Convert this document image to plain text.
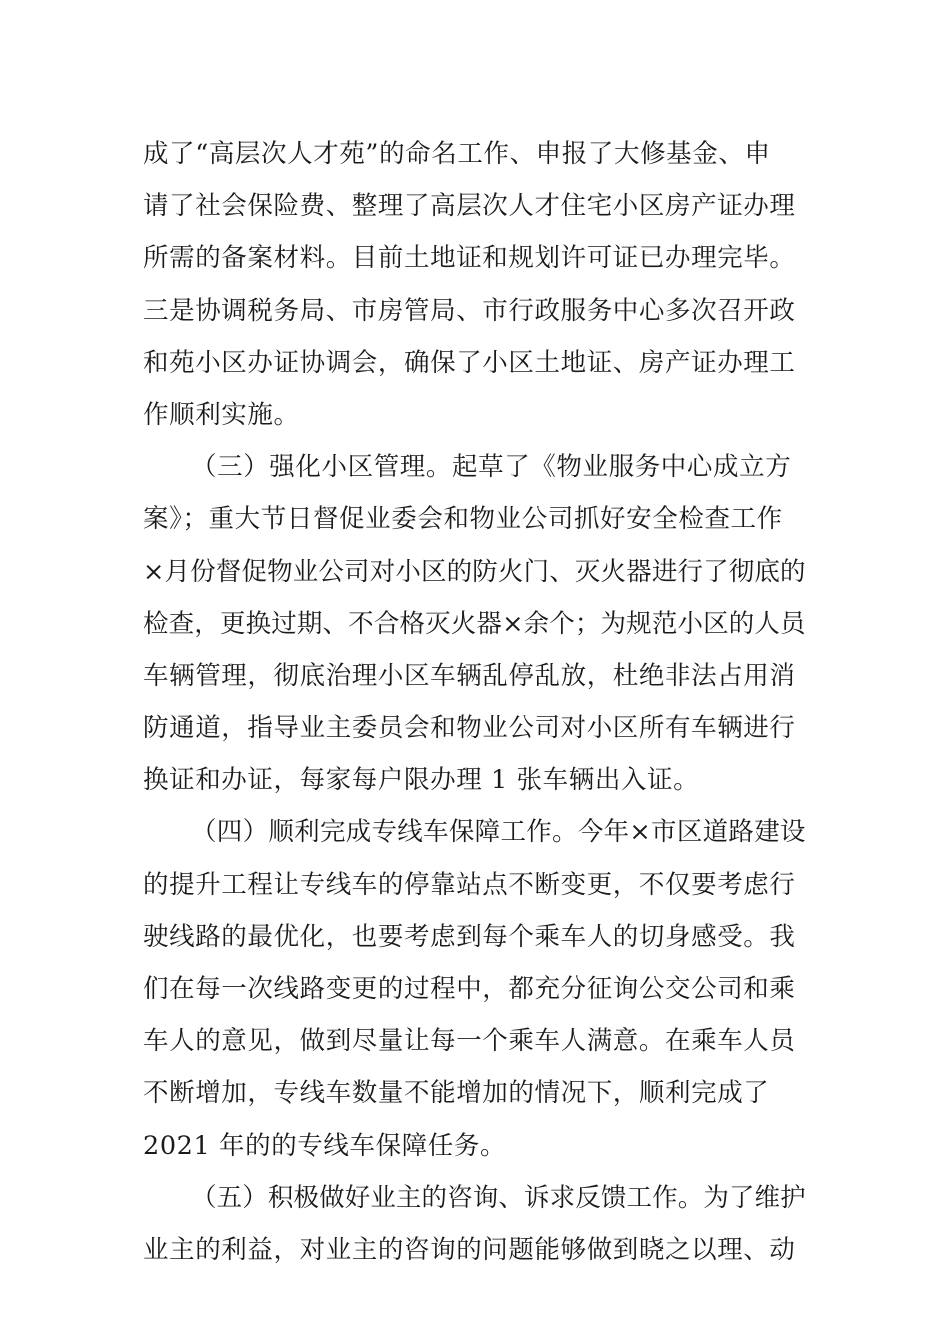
成了“高层次人才苑”的命名工作、申报了大修基金、申
请了社会保险费、整理了高层次人才住宅小区房产证办理
所需的备案材料。目前土地证和规划许可证已办理完毕。
三是协调税务局、市房管局、市行政服务中心多次召开政
和苑小区办证协调会，确保了小区土地证、房产证办理工
作顺利实施。
（三）强化小区管理。起草了《物业服务中心成立方
案》；重大节日督促业委会和物业公司抓好安全检查工作
×月份督促物业公司对小区的防火门、灭火器进行了彻底的
检查，更换过期、不合格灭火器×余个；为规范小区的人员
车辆管理，彻底治理小区车辆乱停乱放，杜绝非法占用消
防通道，指导业主委员会和物业公司对小区所有车辆进行
换证和办证，每家每户限办理 1 张车辆出入证。
（四）顺利完成专线车保障工作。今年×市区道路建设
的提升工程让专线车的停靠站点不断变更，不仅要考虑行
驶线路的最优化，也要考虑到每个乘车人的切身感受。我
们在每一次线路变更的过程中，都充分征询公交公司和乘
车人的意见，做到尽量让每一个乘车人满意。在乘车人员
不断增加，专线车数量不能增加的情况下，顺利完成了
2021 年的的专线车保障任务。
（五）积极做好业主的咨询、诉求反馈工作。为了维护
业主的利益，对业主的咨询的问题能够做到晓之以理、动
